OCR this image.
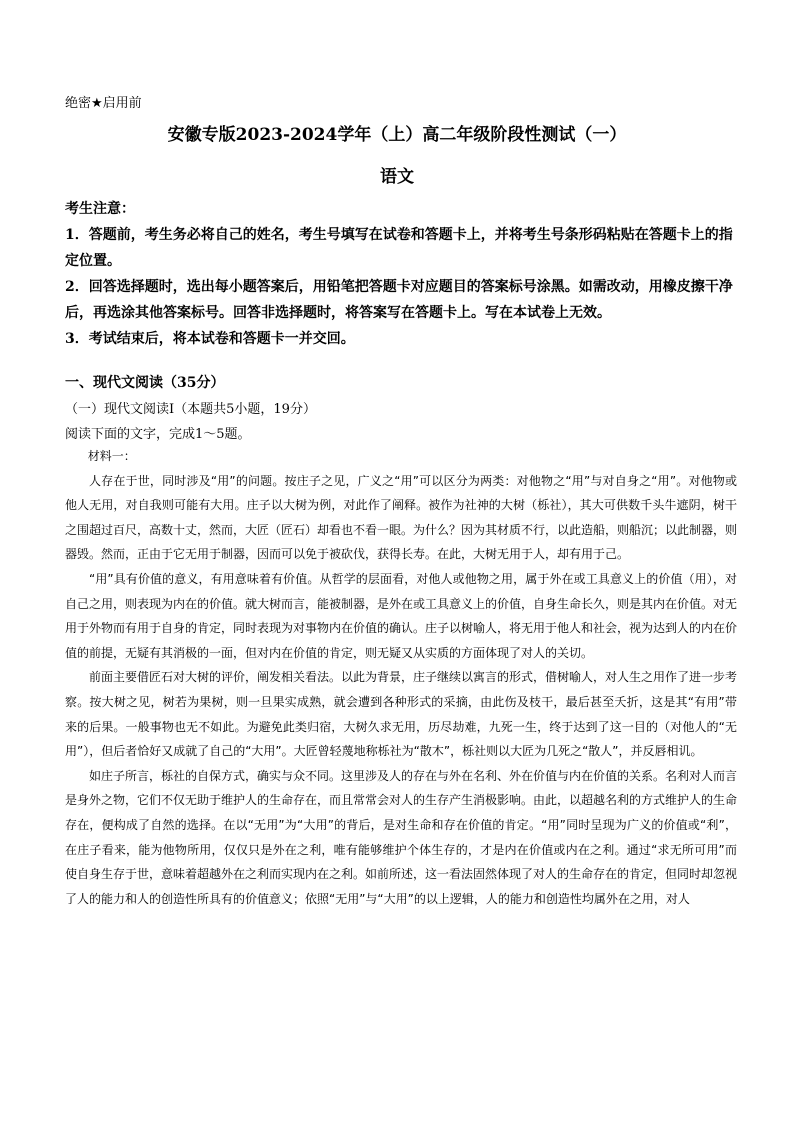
绝密★启用前
安徽专版2023-2024学年（上）高二年级阶段性测试（一）
语文

考生注意：

1．答题前，考生务必将自己的姓名，考生号填写在试卷和答题卡上，并将考生号条形码粘贴在答题卡上的指定位置。

2．回答选择题时，选出每小题答案后，用铅笔把答题卡对应题目的答案标号涂黑。如需改动，用橡皮擦干净后，再选涂其他答案标号。回答非选择题时，将答案写在答题卡上。写在本试卷上无效。

3．考试结束后，将本试卷和答题卡一并交回。

一、现代文阅读（35分）
（一）现代文阅读Ⅰ（本题共5小题，19分）
阅读下面的文字，完成1～5题。

材料一：

人存在于世，同时涉及“用”的问题。按庄子之见，广义之“用”可以区分为两类：对他物之“用”与对自身之“用”。对他物或他人无用，对自我则可能有大用。庄子以大树为例，对此作了阐释。被作为社神的大树（栎社），其大可供数千头牛遮阴，树干之围超过百尺，高数十丈，然而，大匠（匠石）却看也不看一眼。为什么？因为其材质不行，以此造船，则船沉；以此制器，则器毁。然而，正由于它无用于制器，因而可以免于被砍伐，获得长寿。在此，大树无用于人，却有用于己。

“用”具有价值的意义，有用意味着有价值。从哲学的层面看，对他人或他物之用，属于外在或工具意义上的价值（用），对自己之用，则表现为内在的价值。就大树而言，能被制器，是外在或工具意义上的价值，自身生命长久，则是其内在价值。对无用于外物而有用于自身的肯定，同时表现为对事物内在价值的确认。庄子以树喻人，将无用于他人和社会，视为达到人的内在价值的前提，无疑有其消极的一面，但对内在价值的肯定，则无疑又从实质的方面体现了对人的关切。

前面主要借匠石对大树的评价，阐发相关看法。以此为背景，庄子继续以寓言的形式，借树喻人，对人生之用作了进一步考察。按大树之见，树若为果树，则一旦果实成熟，就会遭到各种形式的采摘，由此伤及枝干，最后甚至夭折，这是其“有用”带来的后果。一般事物也无不如此。为避免此类归宿，大树久求无用，历尽劫难，九死一生，终于达到了这一目的（对他人的“无用”），但后者恰好又成就了自己的“大用”。大匠曾轻蔑地称栎社为“散木”，栎社则以大匠为几死之“散人”，并反唇相讥。

如庄子所言，栎社的自保方式，确实与众不同。这里涉及人的存在与外在名利、外在价值与内在价值的关系。名利对人而言是身外之物，它们不仅无助于维护人的生命存在，而且常常会对人的生存产生消极影响。由此，以超越名利的方式维护人的生命存在，便构成了自然的选择。在以“无用”为“大用”的背后，是对生命和存在价值的肯定。“用”同时呈现为广义的价值或“利”，在庄子看来，能为他物所用，仅仅只是外在之利，唯有能够维护个体生存的，才是内在价值或内在之利。通过“求无所可用”而使自身生存于世，意味着超越外在之利而实现内在之利。如前所述，这一看法固然体现了对人的生命存在的肯定，但同时却忽视了人的能力和人的创造性所具有的价值意义；依照“无用”与“大用”的以上逻辑，人的能力和创造性均属外在之用，对人
